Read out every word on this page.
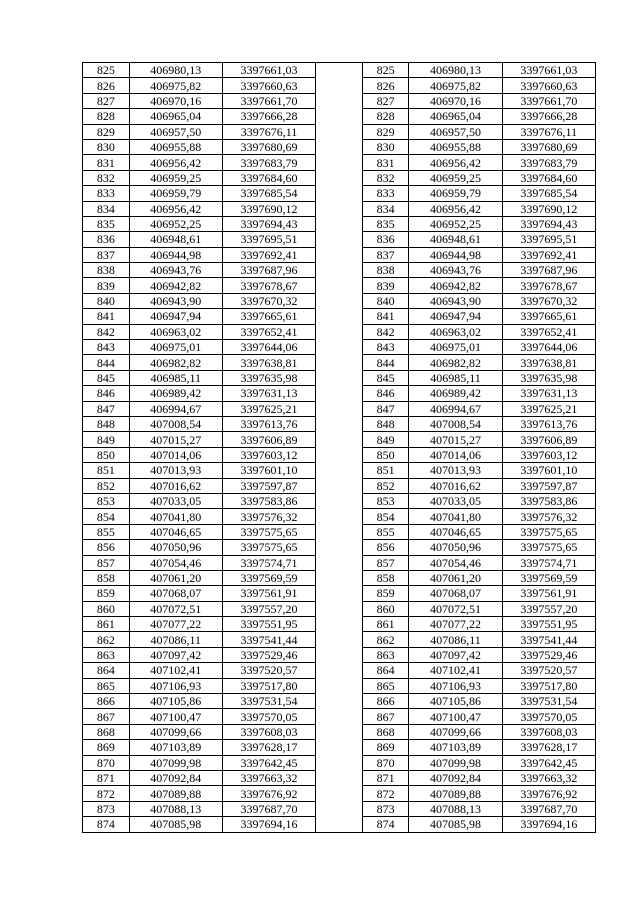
825	406980,13	3397661,03		825	406980,13	3397661,03
826	406975,82	3397660,63		826	406975,82	3397660,63
827	406970,16	3397661,70		827	406970,16	3397661,70
828	406965,04	3397666,28		828	406965,04	3397666,28
829	406957,50	3397676,11		829	406957,50	3397676,11
830	406955,88	3397680,69		830	406955,88	3397680,69
831	406956,42	3397683,79		831	406956,42	3397683,79
832	406959,25	3397684,60		832	406959,25	3397684,60
833	406959,79	3397685,54		833	406959,79	3397685,54
834	406956,42	3397690,12		834	406956,42	3397690,12
835	406952,25	3397694,43		835	406952,25	3397694,43
836	406948,61	3397695,51		836	406948,61	3397695,51
837	406944,98	3397692,41		837	406944,98	3397692,41
838	406943,76	3397687,96		838	406943,76	3397687,96
839	406942,82	3397678,67		839	406942,82	3397678,67
840	406943,90	3397670,32		840	406943,90	3397670,32
841	406947,94	3397665,61		841	406947,94	3397665,61
842	406963,02	3397652,41		842	406963,02	3397652,41
843	406975,01	3397644,06		843	406975,01	3397644,06
844	406982,82	3397638,81		844	406982,82	3397638,81
845	406985,11	3397635,98		845	406985,11	3397635,98
846	406989,42	3397631,13		846	406989,42	3397631,13
847	406994,67	3397625,21		847	406994,67	3397625,21
848	407008,54	3397613,76		848	407008,54	3397613,76
849	407015,27	3397606,89		849	407015,27	3397606,89
850	407014,06	3397603,12		850	407014,06	3397603,12
851	407013,93	3397601,10		851	407013,93	3397601,10
852	407016,62	3397597,87		852	407016,62	3397597,87
853	407033,05	3397583,86		853	407033,05	3397583,86
854	407041,80	3397576,32		854	407041,80	3397576,32
855	407046,65	3397575,65		855	407046,65	3397575,65
856	407050,96	3397575,65		856	407050,96	3397575,65
857	407054,46	3397574,71		857	407054,46	3397574,71
858	407061,20	3397569,59		858	407061,20	3397569,59
859	407068,07	3397561,91		859	407068,07	3397561,91
860	407072,51	3397557,20		860	407072,51	3397557,20
861	407077,22	3397551,95		861	407077,22	3397551,95
862	407086,11	3397541,44		862	407086,11	3397541,44
863	407097,42	3397529,46		863	407097,42	3397529,46
864	407102,41	3397520,57		864	407102,41	3397520,57
865	407106,93	3397517,80		865	407106,93	3397517,80
866	407105,86	3397531,54		866	407105,86	3397531,54
867	407100,47	3397570,05		867	407100,47	3397570,05
868	407099,66	3397608,03		868	407099,66	3397608,03
869	407103,89	3397628,17		869	407103,89	3397628,17
870	407099,98	3397642,45		870	407099,98	3397642,45
871	407092,84	3397663,32		871	407092,84	3397663,32
872	407089,88	3397676,92		872	407089,88	3397676,92
873	407088,13	3397687,70		873	407088,13	3397687,70
874	407085,98	3397694,16		874	407085,98	3397694,16
